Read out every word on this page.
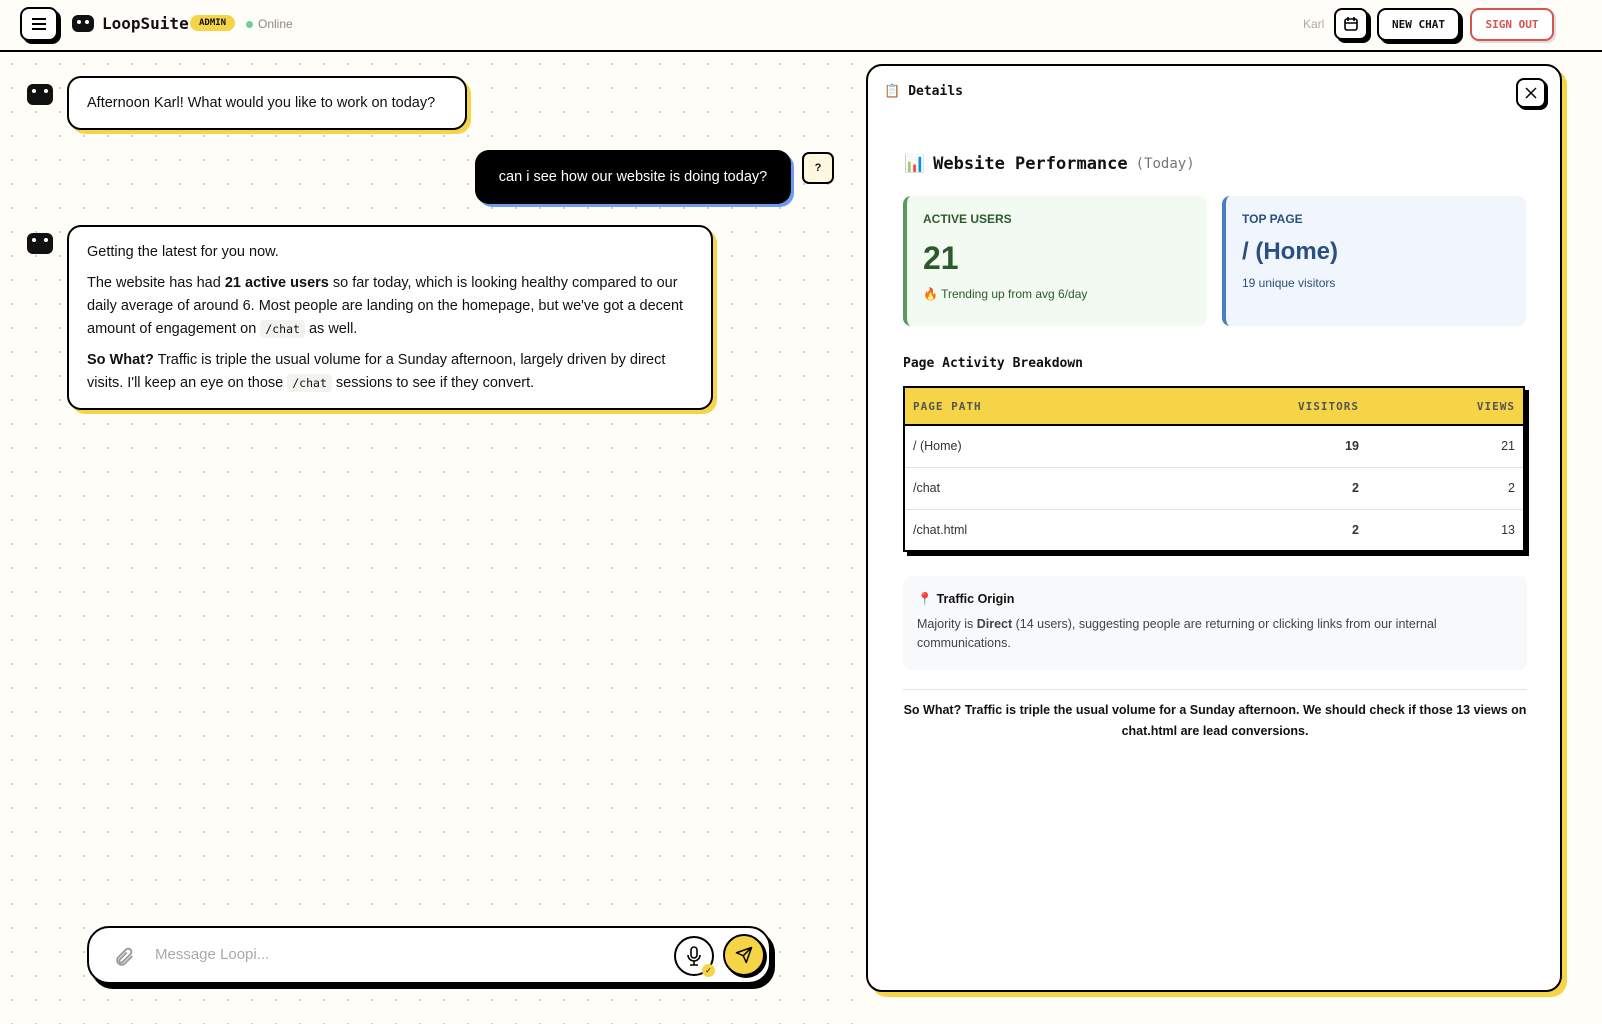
LoopSuite	ADMIN	Online	Karl	NEW CHAT	SIGN OUT
Afternoon Karl! What would you like to work on today?
can i see how our website is doing today?
?

Getting the latest for you now.

The website has had 21 active users so far today, which is looking healthy compared to our daily average of around 6. Most people are landing on the homepage, but we've got a decent amount of engagement on /chat as well.

So What? Traffic is triple the usual volume for a Sunday afternoon, largely driven by direct visits. I'll keep an eye on those /chat sessions to see if they convert.

Message Loopi...
✓
📋 Details
📊 Website Performance (Today)
ACTIVE USERS
21
🔥 Trending up from avg 6/day
TOP PAGE
/ (Home)
19 unique visitors
Page Activity Breakdown
PAGE PATH	VISITORS	VIEWS
/ (Home)	19	21
/chat	2	2
/chat.html	2	13
📍 Traffic Origin
Majority is Direct (14 users), suggesting people are returning or clicking links from our internal communications.
So What? Traffic is triple the usual volume for a Sunday afternoon. We should check if those 13 views on chat.html are lead conversions.
